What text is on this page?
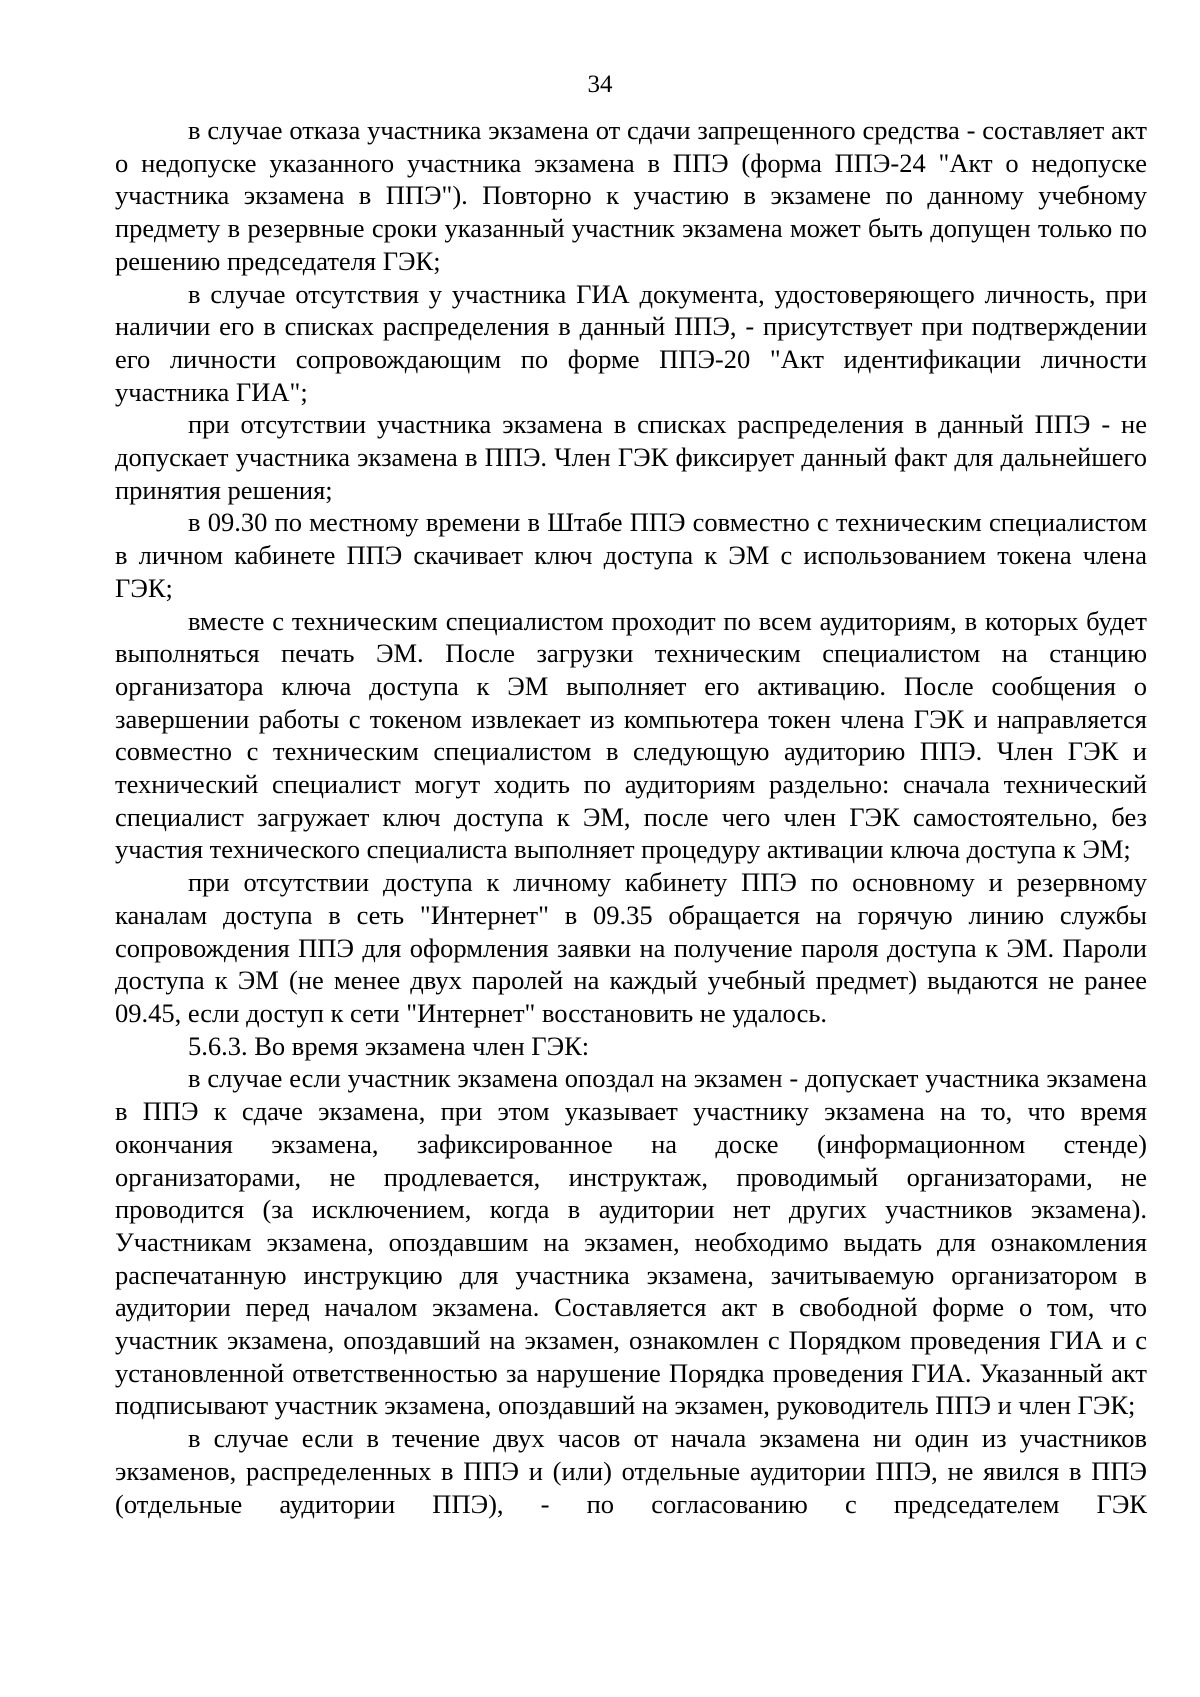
34

в случае отказа участника экзамена от сдачи запрещенного средства - составляет акт о недопуске указанного участника экзамена в ППЭ (форма ППЭ-24 "Акт о недопуске участника экзамена в ППЭ"). Повторно к участию в экзамене по данному учебному предмету в резервные сроки указанный участник экзамена может быть допущен только по решению председателя ГЭК;

в случае отсутствия у участника ГИА документа, удостоверяющего личность, при наличии его в списках распределения в данный ППЭ, - присутствует при подтверждении его личности сопровождающим по форме ППЭ-20 "Акт идентификации личности участника ГИА";

при отсутствии участника экзамена в списках распределения в данный ППЭ - не допускает участника экзамена в ППЭ. Член ГЭК фиксирует данный факт для дальнейшего принятия решения;

в 09.30 по местному времени в Штабе ППЭ совместно с техническим специалистом в личном кабинете ППЭ скачивает ключ доступа к ЭМ с использованием токена члена ГЭК;

вместе с техническим специалистом проходит по всем аудиториям, в которых будет выполняться печать ЭМ. После загрузки техническим специалистом на станцию организатора ключа доступа к ЭМ выполняет его активацию. После сообщения о завершении работы с токеном извлекает из компьютера токен члена ГЭК и направляется совместно с техническим специалистом в следующую аудиторию ППЭ. Член ГЭК и технический специалист могут ходить по аудиториям раздельно: сначала технический специалист загружает ключ доступа к ЭМ, после чего член ГЭК самостоятельно, без участия технического специалиста выполняет процедуру активации ключа доступа к ЭМ;

при отсутствии доступа к личному кабинету ППЭ по основному и резервному каналам доступа в сеть "Интернет" в 09.35 обращается на горячую линию службы сопровождения ППЭ для оформления заявки на получение пароля доступа к ЭМ. Пароли доступа к ЭМ (не менее двух паролей на каждый учебный предмет) выдаются не ранее 09.45, если доступ к сети "Интернет" восстановить не удалось.

5.6.3. Во время экзамена член ГЭК:

в случае если участник экзамена опоздал на экзамен - допускает участника экзамена в ППЭ к сдаче экзамена, при этом указывает участнику экзамена на то, что время окончания экзамена, зафиксированное на доске (информационном стенде) организаторами, не продлевается, инструктаж, проводимый организаторами, не проводится (за исключением, когда в аудитории нет других участников экзамена). Участникам экзамена, опоздавшим на экзамен, необходимо выдать для ознакомления распечатанную инструкцию для участника экзамена, зачитываемую организатором в аудитории перед началом экзамена. Составляется акт в свободной форме о том, что участник экзамена, опоздавший на экзамен, ознакомлен с Порядком проведения ГИА и с установленной ответственностью за нарушение Порядка проведения ГИА. Указанный акт подписывают участник экзамена, опоздавший на экзамен, руководитель ППЭ и член ГЭК;

в случае если в течение двух часов от начала экзамена ни один из участников экзаменов, распределенных в ППЭ и (или) отдельные аудитории ППЭ, не явился в ППЭ (отдельные аудитории ППЭ), - по согласованию с председателем ГЭК
